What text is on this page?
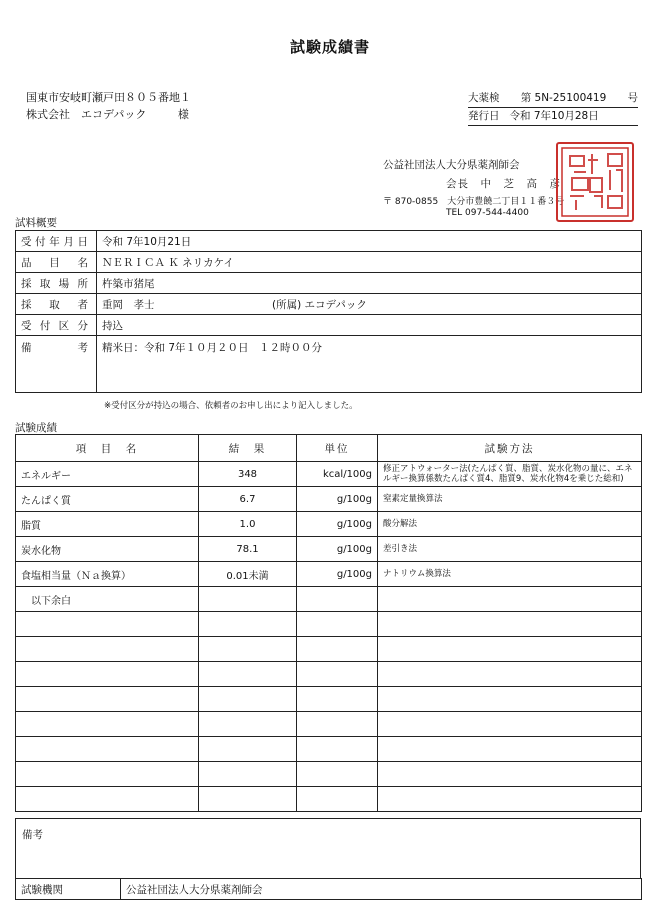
試験成績書
国東市安岐町瀬戸田８０５番地１
株式会社　エコデパック	様
大薬検 第 5N-25100419 号
発行日 令和 7年10月28日
公益社団法人大分県薬剤師会
会長　中　芝　高　彦
〒 870-0855　大分市豊饒二丁目１１番３号
TEL 097-544-4400
試料概要
受付年月日	令和 7年10月21日	
品目名	ＮＥＲＩＣＡ Ｋ ネリカケイ	
採取場所	杵築市猪尾	
採取者	重岡　孝士	(所属) エコデパック
受付区分	持込	
備考	精米日：令和 7年１０月２０日　１２時００分	
※受付区分が持込の場合、依頼者のお申し出により記入しました。
試験成績
項　目　名	結　果	単位	試験方法
エネルギー	348	kcal/100g	修正アトウォーター法(たんぱく質、脂質、炭水化物の量に、エネルギー換算係数たんぱく質4、脂質9、炭水化物4を乗じた総和)
たんぱく質	6.7	g/100g	窒素定量換算法
脂質	1.0	g/100g	酸分解法
炭水化物	78.1	g/100g	差引き法
食塩相当量（Ｎａ換算）	0.01未満	g/100g	ナトリウム換算法
　以下余白			

備考
試験機関	公益社団法人大分県薬剤師会
